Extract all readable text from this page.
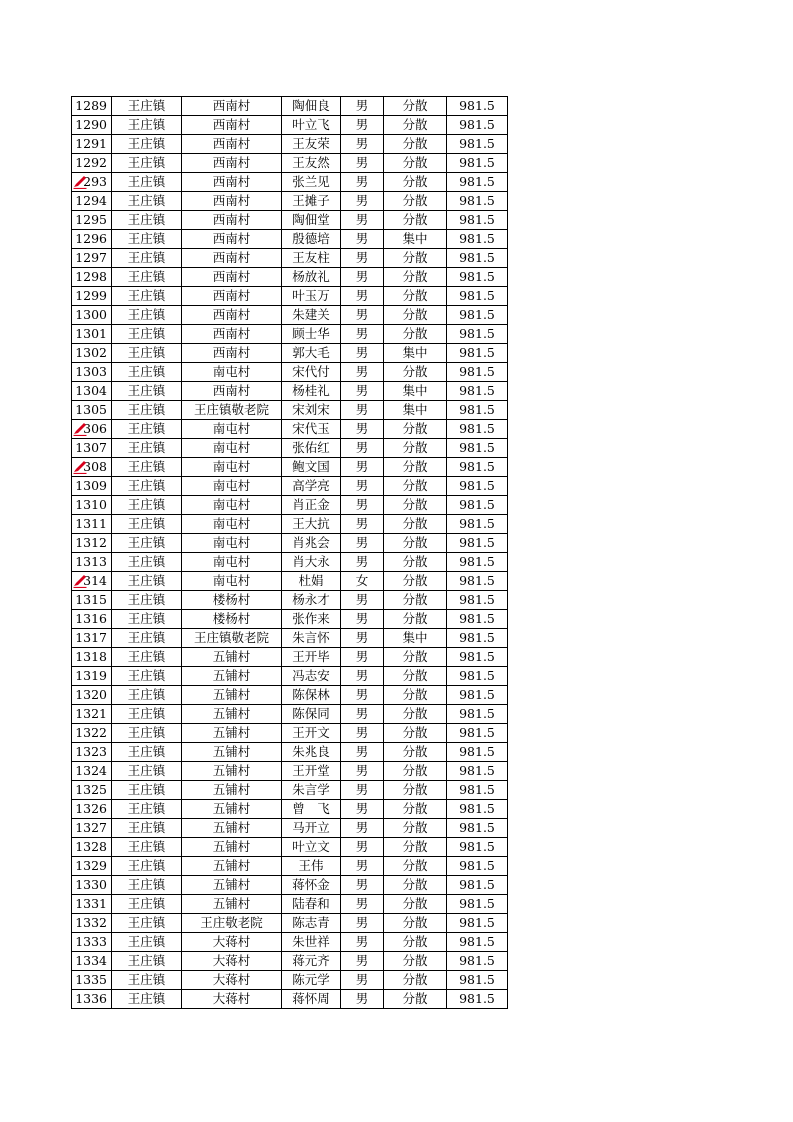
1289	王庄镇	西南村	陶佃良	男	分散	981.5
1290	王庄镇	西南村	叶立飞	男	分散	981.5
1291	王庄镇	西南村	王友荣	男	分散	981.5
1292	王庄镇	西南村	王友然	男	分散	981.5

293	王庄镇	西南村	张兰见	男	分散	981.5
1294	王庄镇	西南村	王摊子	男	分散	981.5
1295	王庄镇	西南村	陶佃堂	男	分散	981.5
1296	王庄镇	西南村	殷德培	男	集中	981.5
1297	王庄镇	西南村	王友柱	男	分散	981.5
1298	王庄镇	西南村	杨放礼	男	分散	981.5
1299	王庄镇	西南村	叶玉万	男	分散	981.5
1300	王庄镇	西南村	朱建关	男	分散	981.5
1301	王庄镇	西南村	顾士华	男	分散	981.5
1302	王庄镇	西南村	郭大毛	男	集中	981.5
1303	王庄镇	南屯村	宋代付	男	分散	981.5
1304	王庄镇	西南村	杨桂礼	男	集中	981.5
1305	王庄镇	王庄镇敬老院	宋刘宋	男	集中	981.5

306	王庄镇	南屯村	宋代玉	男	分散	981.5
1307	王庄镇	南屯村	张佑红	男	分散	981.5

308	王庄镇	南屯村	鲍文国	男	分散	981.5
1309	王庄镇	南屯村	高学亮	男	分散	981.5
1310	王庄镇	南屯村	肖正金	男	分散	981.5
1311	王庄镇	南屯村	王大抗	男	分散	981.5
1312	王庄镇	南屯村	肖兆会	男	分散	981.5
1313	王庄镇	南屯村	肖大永	男	分散	981.5

314	王庄镇	南屯村	杜娟	女	分散	981.5
1315	王庄镇	楼杨村	杨永才	男	分散	981.5
1316	王庄镇	楼杨村	张作来	男	分散	981.5
1317	王庄镇	王庄镇敬老院	朱言怀	男	集中	981.5
1318	王庄镇	五铺村	王开毕	男	分散	981.5
1319	王庄镇	五铺村	冯志安	男	分散	981.5
1320	王庄镇	五铺村	陈保林	男	分散	981.5
1321	王庄镇	五铺村	陈保同	男	分散	981.5
1322	王庄镇	五铺村	王开文	男	分散	981.5
1323	王庄镇	五铺村	朱兆良	男	分散	981.5
1324	王庄镇	五铺村	王开堂	男	分散	981.5
1325	王庄镇	五铺村	朱言学	男	分散	981.5
1326	王庄镇	五铺村	曾　飞	男	分散	981.5
1327	王庄镇	五铺村	马开立	男	分散	981.5
1328	王庄镇	五铺村	叶立文	男	分散	981.5
1329	王庄镇	五铺村	王伟	男	分散	981.5
1330	王庄镇	五铺村	蒋怀金	男	分散	981.5
1331	王庄镇	五铺村	陆春和	男	分散	981.5
1332	王庄镇	王庄敬老院	陈志青	男	分散	981.5
1333	王庄镇	大蒋村	朱世祥	男	分散	981.5
1334	王庄镇	大蒋村	蒋元齐	男	分散	981.5
1335	王庄镇	大蒋村	陈元学	男	分散	981.5
1336	王庄镇	大蒋村	蒋怀周	男	分散	981.5
